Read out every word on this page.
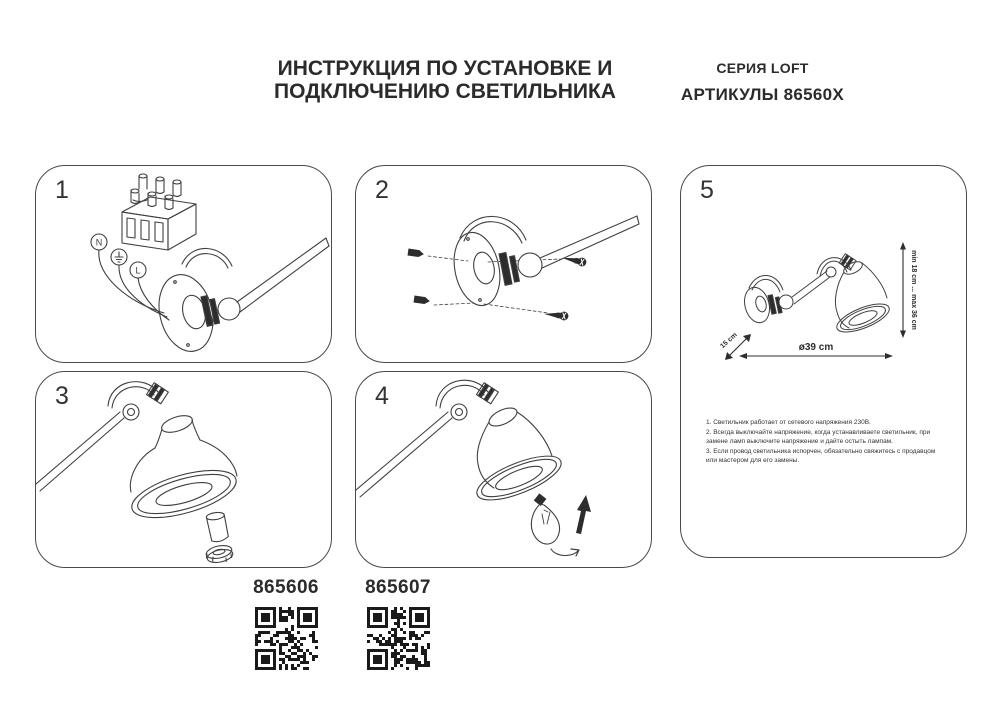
ИНСТРУКЦИЯ ПО УСТАНОВКЕ И
ПОДКЛЮЧЕНИЮ СВЕТИЛЬНИКА
СЕРИЯ LOFT
АРТИКУЛЫ 86560X
1
N
L
2
3	4
5
min 18 cm ... max 36 cm
ø39 cm
15 cm
1. Светильник работает от сетевого напряжения 230В.
2. Всегда выключайте напряжение, когда устанавливаете светильник, при замене ламп выключите напряжение и дайте остыть лампам.
3. Если провод светильника испорчен, обязательно свяжитесь с продавцом или мастером для его замены.
865606	865607
